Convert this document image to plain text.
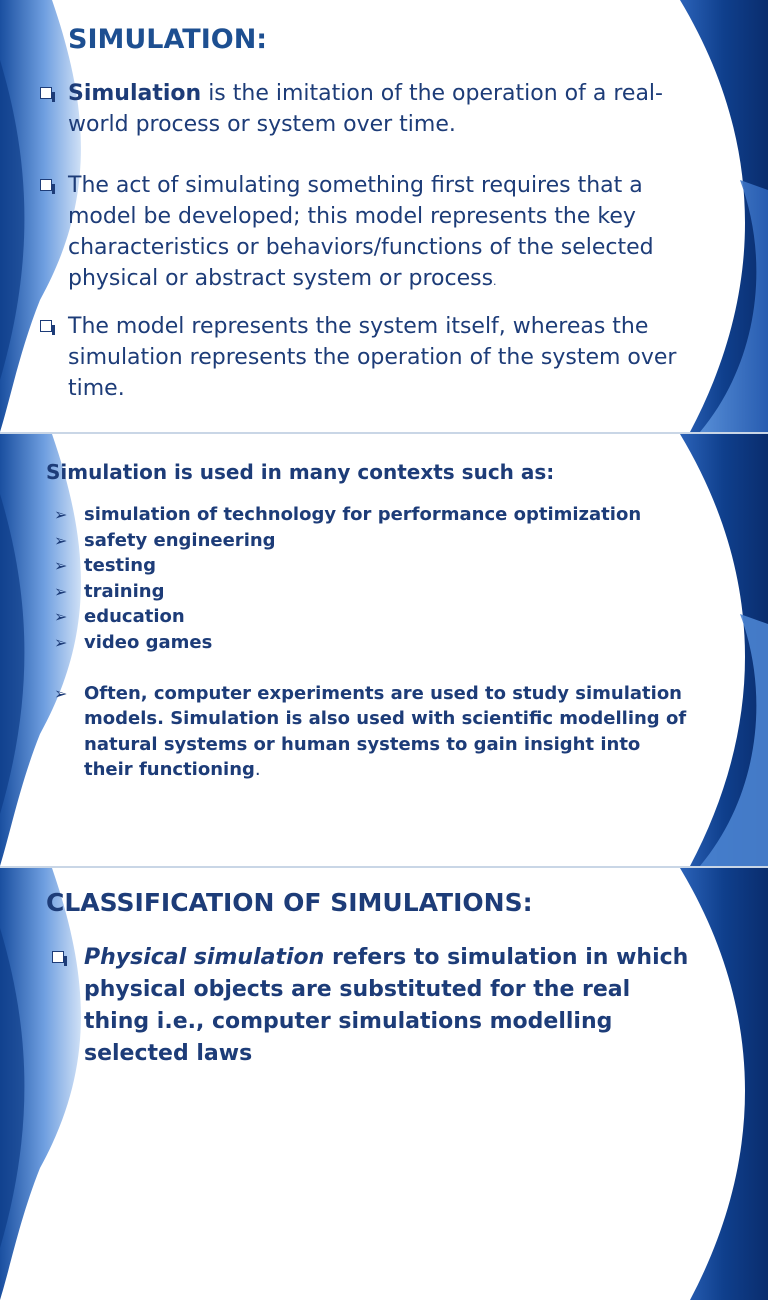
SIMULATION:
Simulation is the imitation of the operation of a real-world process or system over time.
The act of simulating something first requires that a model be developed; this model represents the key characteristics or behaviors/functions of the selected physical or abstract system or process.
The model represents the system itself, whereas the simulation represents the operation of the system over time.
Simulation is used in many contexts such as:
➢ simulation of technology for performance optimization
➢ safety engineering
➢ testing
➢ training
➢ education
➢ video games
➢ Often, computer experiments are used to study simulation models. Simulation is also used with scientific modelling of natural systems or human systems to gain insight into their functioning.
CLASSIFICATION OF SIMULATIONS:
Physical simulation refers to simulation in which physical objects are substituted for the real thing i.e., computer simulations modelling selected laws
